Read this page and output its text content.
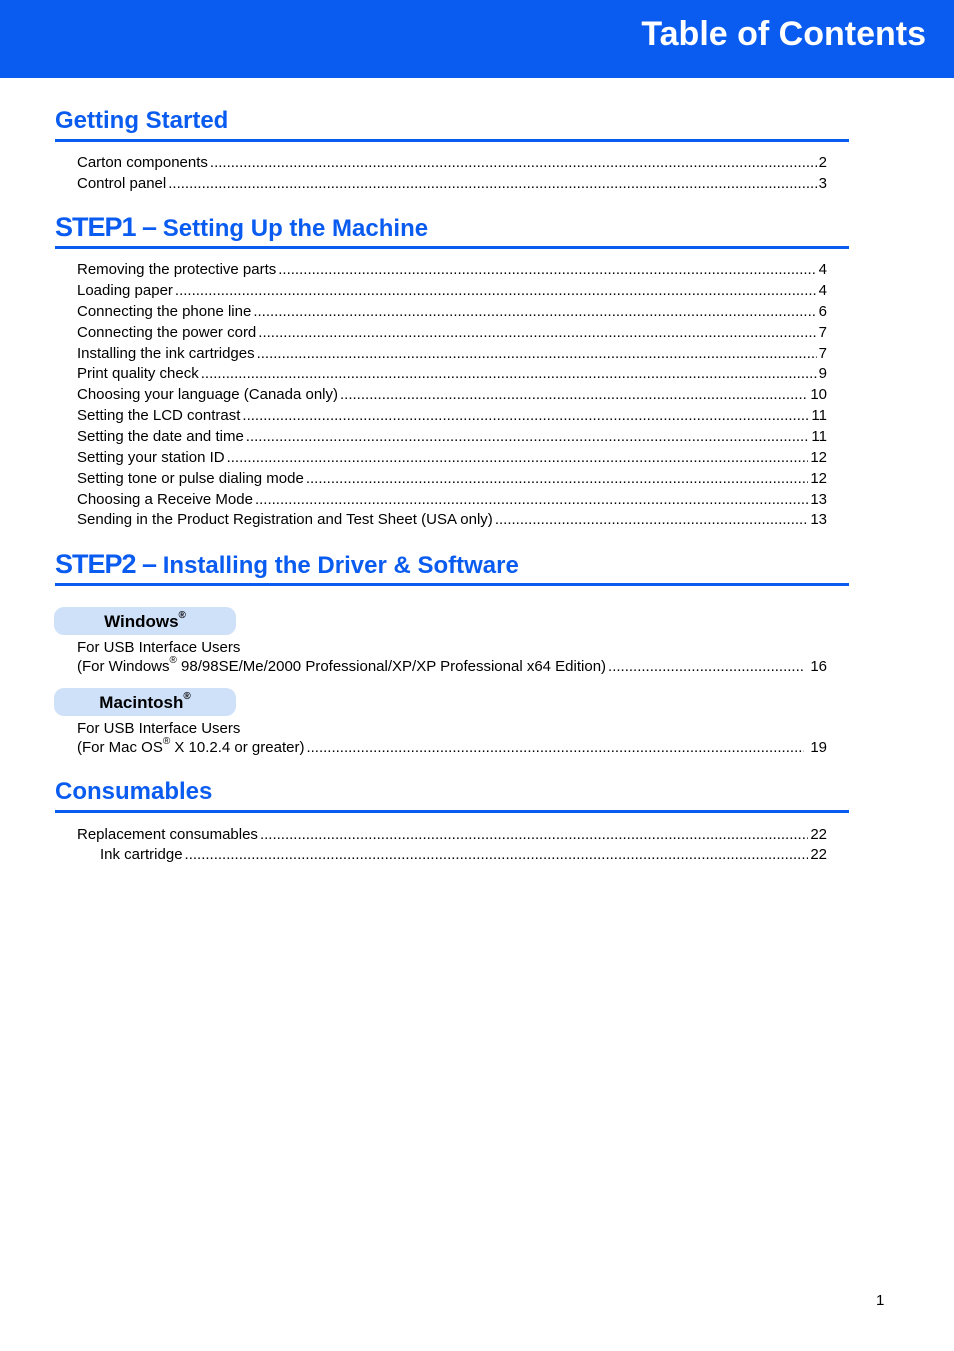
Table of Contents
Getting Started
Carton components .....	2
Control panel .....	3
STEP1 – Setting Up the Machine
Removing the protective parts .....	4
Loading paper .....	4
Connecting the phone line .....	6
Connecting the power cord .....	7
Installing the ink cartridges .....	7
Print quality check .....	9
Choosing your language (Canada only) .....	10
Setting the LCD contrast .....	11
Setting the date and time .....	11
Setting your station ID .....	12
Setting tone or pulse dialing mode .....	12
Choosing a Receive Mode .....	13
Sending in the Product Registration and Test Sheet (USA only) .....	13
STEP2 – Installing the Driver & Software
Windows®
For USB Interface Users
(For Windows® 98/98SE/Me/2000 Professional/XP/XP Professional x64 Edition) .....	16
Macintosh®
For USB Interface Users
(For Mac OS® X 10.2.4 or greater) .....	19
Consumables
Replacement consumables .....	22
Ink cartridge .....	22
1
